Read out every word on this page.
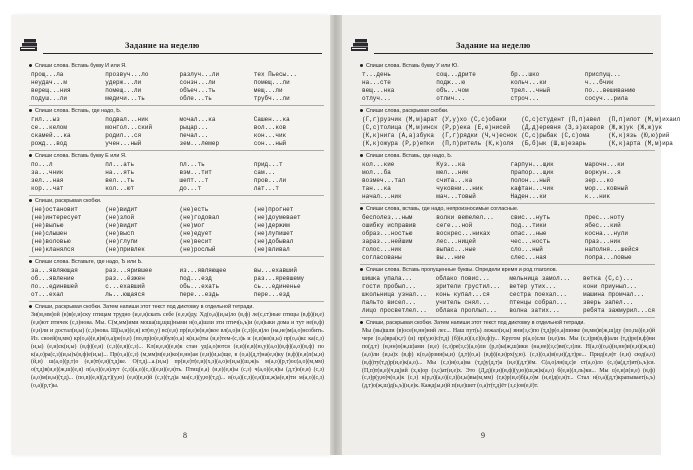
Задание на неделю
Спиши слова. Вставь букву И или Я.
прощ...ла	прозвуч...ло	разлуч...ли	тех Пьесы...
неудач...м	удерж...ли	сонзн...ли	помещ...ли
верещ...ния	помещ...ли	объеч...ть	мещ...ли
подуш...ли	медичи...ть	обле...ть	трубч...ли
Спиши слова. Вставь, где надо, Ь.
гил...ыз	подвал...ник	мочал...ка	Сашен...ка
се...келом	монгол...ский	рыцар...	вол...ков
скамей...ка	родил...ся	печал...	кон...чик
рожд...вод	учен...ный	зем...лемер	сон...ный
Спиши слова. Вставь букву Е или Я.
по...л	пл...ать	пл...ть	прид...т
за...чник	на...ять	вэм...тит	сам...
зел...ная	вел...ть	шепт...т	пров...ли
кор...чат	кол...ют	до...т	лат...т
Спиши, раскрывая скобки.
(не)остановит	(не)видит	(не)есть	(не)прогнет
(не)интересует	(не)злой	(не)годовал	(не)доумевает
(не)вылью	(не)видит	(не)мог	(не)держим
(не)слышен	(не)высп	(не)едует	(не)лупишет
(не)воловью	(не)глупи	(не)весит	(не)добывал
(не)кланялся	(не)привлек	(не)рослый	(не)вливал
Спиши слова. Вставьте, где надо, Ъ или Ь.
за...являющая	раз...ярившее	из...являющее	вы...ехавший
об...явление	раз...ёзжен	под...езд	раз...яревшему
по...единвшей	с...ехавший	обь...ехать	сь...единенье
от...ехал	ль...ющаяся	пере...ездь	пере...езд
Спиши, раскрывая скобки. Затем напиши этот текст под диктовку в отдельной тетради.
Зи(м,мм)ой (в)в(е,и)ску птицам трудно (и,е,я)скать себе (е,е,я)ду. Хд(о,а)(и,ы)ло (в,ф) ле(с,ст)ные птицы (в,ф)(и,е)(е,я)ют птичек (с,з)нова. Мы. С(м,мм)ими моша(щ,щщ)ными н(о,а)шли эти птич(ь,ъ)и (е,я)ыки дома и тут не(в,ф)(е,и)ли и достал(и,ы) (с,з)нова. Щ(ы,и)(е,я) кт(ю,у) вс(е,я) пр(и,е)е(и,я)кое вл(а,о)и (с,з)(е,я)ло (на,не)м(а,о)нсобить. Из. своей(м,мм) кр(о,а)(е,я)в(о,а)ре(о,е) (по,пр)о(е,я)бул(о,а) к(и,ы)ты (и,е)тем-(с,з)ь и (е,и)ко(и,ы) пр(о,а)кс ка(с,з)(и,ы) (е,и)ск(и,ы) (в,ф)(е,и) (с,з)(е,я)(с,з)... Кл(и,е,я)(е,я)к стан уд(а,о)ются (е,и)(е,я)(ю,у)(а,о)(в,ф)(а,о)(в,ф) по к(а,о)ра(с,з)(и,ы)ъ(в,ф)е(и,ы)... Пр(о,а)(с,з) (м,мм)м(е,и)ко(н,нн)ая (е,и)(и,ы)ще, в (о,а)(д,т)на(е,я)ку (в,ф)(е,я)л(ы,и)(й,и) ш(а,о)(р,т)о (е,и)т(е,я)(т,д)ке. О(т,д)...а.(и,ы) пр(и,е)т(е,и)(х,з)(а,о)е(и,ы)(ш,ж)ь м(а,о)(р,т)ос(а,о)(м,мм) о(т,д)в(и,е)(ж,ш)(е,я) п(а,о)(е,я)лут (с,з)(а,о)(с,з)(е,и)(е,я)ть. Птиц(е,а) (и,е)(е,я)ы (с,з) ч(а,о)(е,я)ы (д,т)о(е,я) (с,з)(а,о)м(и,ы)(т,д)... (по,в)(е,я)(д,т)(у,ю) (е,я)(е,и)й (с,з)(т,д)а ма(с,з)(у,ю)(т,д)... в(о,а)(с,з)(е,я)(ш,ж)а(е,я)ти м(а,о)(с,з)(о,а)(р,т)ы.
8
Задание на неделю
Спиши слова. Вставь букву У или Ю.
т...день	сощ...дрите	бр...шко	приспущ...
на...сте	подж...ю	кольч...ки	ч...бчик
вещ...нка	объ...чом	трел...чный	по...вешиванию
отлуч...	отлич...	строч...	сосуч...рила
Спиши слова, раскрывая скобки.
(Г,г)рузчик (М,м)арат (У,у)хо (С,с)обаки	(С,с)студент (П,п)авел	(П,п)илот (М,м)ихаил
(С,с)толица (М,м)инск (Р,р)ека (Е,е)нисей	(Д,д)еревня (З,з)ахаров (Ж,ж)ук (Ж,ж)ук
(К,к)нига (А,а)збука	(Г,г)рядки (Ч,ч)еснок (С,с)рыбак (С,с)ома	(К,к)язь (Ю,ю)рий
(К,к)ожура (Р,р)епки	(П,п)ритель (К,к)оля	(Б,б)ык (Ш,ш)езарь	(К,к)арта (М,м)ира
Спиши слова. Вставь, где надо, Ь.
кол...кие	Куз...ка	гарпун...щик	марочн...ки
мол...ба	мел...ник	прапор...щик	воркун...я
возмеч...тал	счита...ка	полон...ный	зер...ко
тан...ка	чуковни...ник	кафтан...чик	мор...ковный
начал...ник	мач...товый	Наден...ки	к...ник
Спиши слова, вставь, где надо, непроизносимые согласные.
бесполез...ным	волки веmeлел...	свис...нуть	прес...ноту
ошибку исправив	сеге...ной	под...тики	ябес...кий
образ...ностью	воскрес...никах	опас...ные	косна...нули
зараз...нейшим	лес...ницей	чес...ность	праз...ник
голос...ник	выпас...ные	сло...ный	наполня...шейся
согласованы	вы...ние	слес...ная	попра...ловые
Спиши слова. Вставь пропущенные буквы. Определи время и род глаголов.
шишка упала...	облако повис...	мельница замол...	ветка (С,с)...
гости пробыл...	зрители грустил...	ветер утих...	кони приуныл...
школьница узнал...	конь купал...ся	сестра поехал...	машина промчал...
пальто висел...	учитель снял...	птенцы собрал...	зверь запел...
лицо просветлел...	облака проплыл...	волна затих...	ребята зажмурил...ся
Спиши, раскрывая скобки. Затем напиши этот текст под диктовку в отдельной тетради.
Мы (вы)шли (в)осе(н,нн)ний лес... Наш пут(ь) лежал(и,ы) вни(з,с)по (т,д)р(о,а)пинке (м,мм)е(ж,ш)ду (по,па)(е,и)й чере (о,а)вра(к,г) (и) пр(у,ю)с(т,д) (б)(е,и)(з,с)(в,ф)у... Кругом р(а,о)сли (и,е)ли. Мы (с,з)ри(в,ф)али (т,д)ре(в,ф)ни по(д,т) (н,нн)о(ж,ш)ами (и,е) (с,з)ре(з,с)(а,о)ли (р,л)ы(ж,ш)ики (на,не)(з,с)ве(с,з)ли. Н(а,о)(о,а)(н,нн)и(е,и)(ж,ш)(а,о)ли (и,ы)х (в,ф) к(о,а)рзин(ы,и) (д,т)(о,а) (в,ф)(е,и)рх(у,ю). (с,з)(о,а)в(е,и)(д,т)ре... Прид(е,я)т (е,и) сюд(а,о) (в,ф)ту(т,д)р(и,е)к(а,о)... Мы (с,з)н(о,а)ва (т,д)у(д,т)а (и,е)(д,т)ём. С(а,о)лн(ц,с)е ст(а,о)ло (с,з)а(д,т)ит(ь,ъ)ся. (П,п)т(и,е)(ч,щ)ий (х,к)ор (з,с)ат(и,е)х. Это (Д,д)(е,и)(в,ф)(у,ю)(ш,ж)к(а,о) б(е,и)(л,ль)ки... Мы с(е,и)л(и,е) (в,ф) (с,з)р(у,ю)ч(о,а)к (с,з) к(р,л)(а,о)(с,з)(и,ы)вы(м,мм) (г,к)р(и,е)б(а,о)м (и,е)д(е,я)т... Стал н(о,а)(д,т)крапывает(ь,ъ) (д,т)о(ж,ш)д(ь,ъ)(и,е)к. Кажд(ы,и)й п(и,е)шет (о,а)т(т,д)ёт (з,с)ов(е,ё)т.
9
